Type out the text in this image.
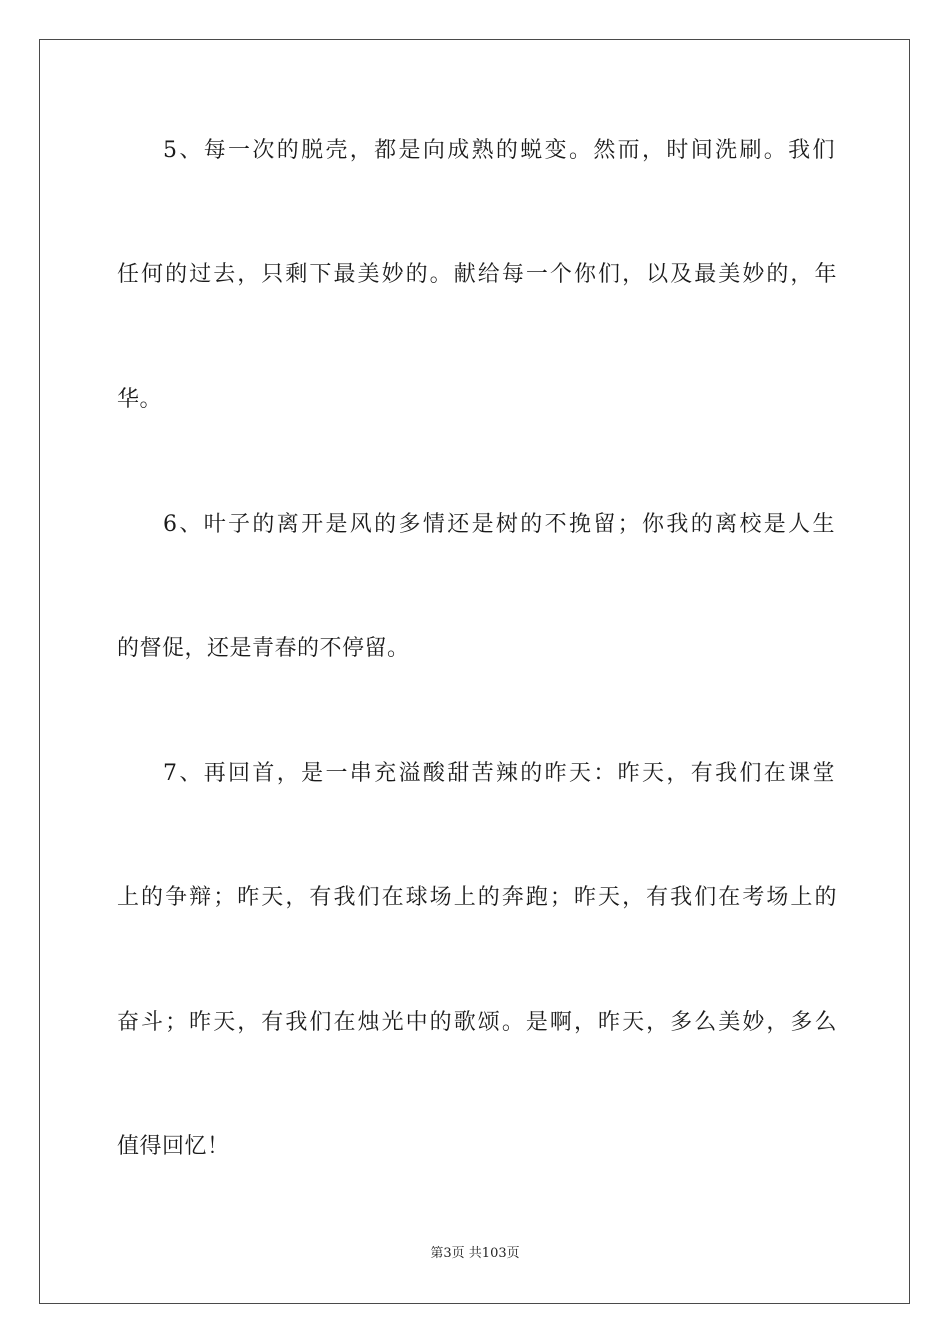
5、每一次的脱壳，都是向成熟的蜕变。然而，时间洗刷。我们
任何的过去，只剩下最美妙的。献给每一个你们，以及最美妙的，年
华。
6、叶子的离开是风的多情还是树的不挽留；你我的离校是人生
的督促，还是青春的不停留。
7、再回首，是一串充溢酸甜苦辣的昨天：昨天，有我们在课堂
上的争辩；昨天，有我们在球场上的奔跑；昨天，有我们在考场上的
奋斗；昨天，有我们在烛光中的歌颂。是啊，昨天，多么美妙，多么
值得回忆！
第3页 共103页
